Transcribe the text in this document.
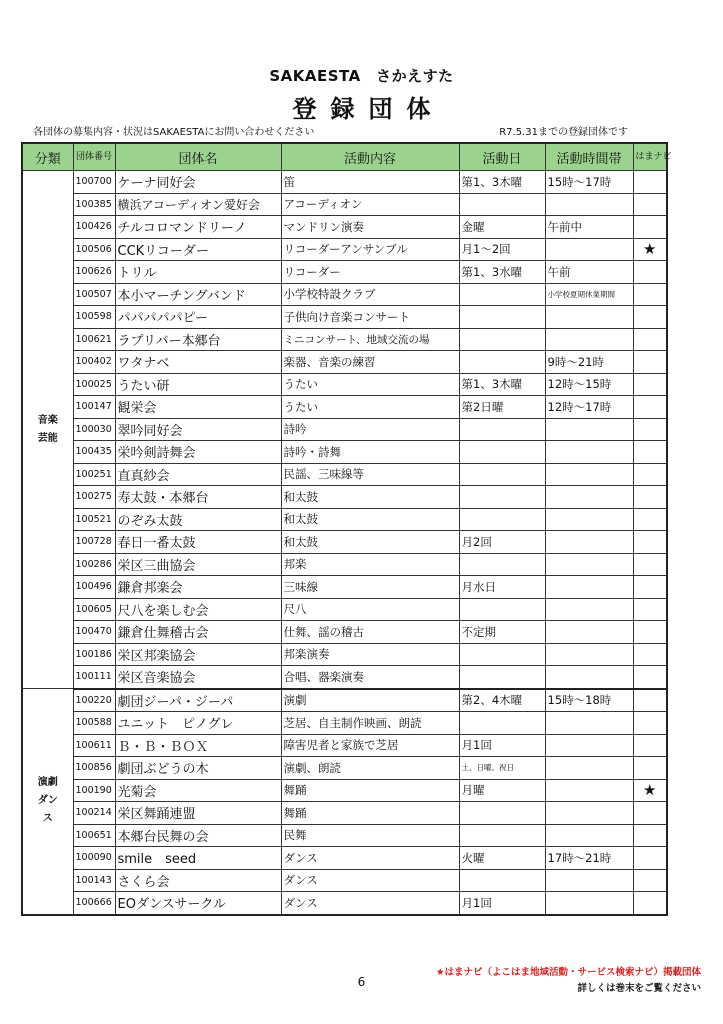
SAKAESTA　さかえすた
登録団体
各団体の募集内容・状況はSAKAESTAにお問い合わせください	R7.5.31までの登録団体です
分類	団体番号	団体名	活動内容	活動日	活動時間帯	はまナビ

音楽
芸能	100700	ケーナ同好会	笛	第1、3木曜	15時～17時	
	100385	横浜アコーディオン愛好会	アコーディオン			
	100426	チルコロマンドリーノ	マンドリン演奏	金曜	午前中	
	100506	CCKリコーダー	リコーダーアンサンブル	月1～2回		★
	100626	トリル	リコーダー	第1、3水曜	午前	
	100507	本小マーチングバンド	小学校特設クラブ		小学校夏期休業期間	
	100598	パパパパパピー	子供向け音楽コンサート			
	100621	ラプリバー本郷台	ミニコンサート、地域交流の場			
	100402	ワタナベ	楽器、音楽の練習		9時～21時	
	100025	うたい研	うたい	第1、3木曜	12時～15時	
	100147	観栄会	うたい	第2日曜	12時～17時	
	100030	翠吟同好会	詩吟			
	100435	栄吟剣詩舞会	詩吟・詩舞			
	100251	直真紗会	民謡、三味線等			
	100275	寿太鼓・本郷台	和太鼓			
	100521	のぞみ太鼓	和太鼓			
	100728	春日一番太鼓	和太鼓	月2回		
	100286	栄区三曲協会	邦楽			
	100496	鎌倉邦楽会	三味線	月水日		
	100605	尺八を楽しむ会	尺八			
	100470	鎌倉仕舞稽古会	仕舞、謡の稽古	不定期		
	100186	栄区邦楽協会	邦楽演奏			
	100111	栄区音楽協会	合唱、器楽演奏			

演劇
ダン
ス	100220	劇団ジーパ・ジーパ	演劇	第2、4木曜	15時～18時	
	100588	ユニット　ピノグレ	芝居、自主制作映画、朗読			
	100611	Ｂ・Ｂ・ＢＯＸ	障害児者と家族で芝居	月1回		
	100856	劇団ぶどうの木	演劇、朗読	土、日曜、祝日		
	100190	光菊会	舞踊	月曜		★
	100214	栄区舞踊連盟	舞踊			
	100651	本郷台民舞の会	民舞			
	100090	smile　seed	ダンス	火曜	17時～21時	
	100143	さくら会	ダンス			
	100666	EOダンスサークル	ダンス	月1回		
6
★はまナビ（よこはま地域活動・サービス検索ナビ）掲載団体
詳しくは巻末をご覧ください
